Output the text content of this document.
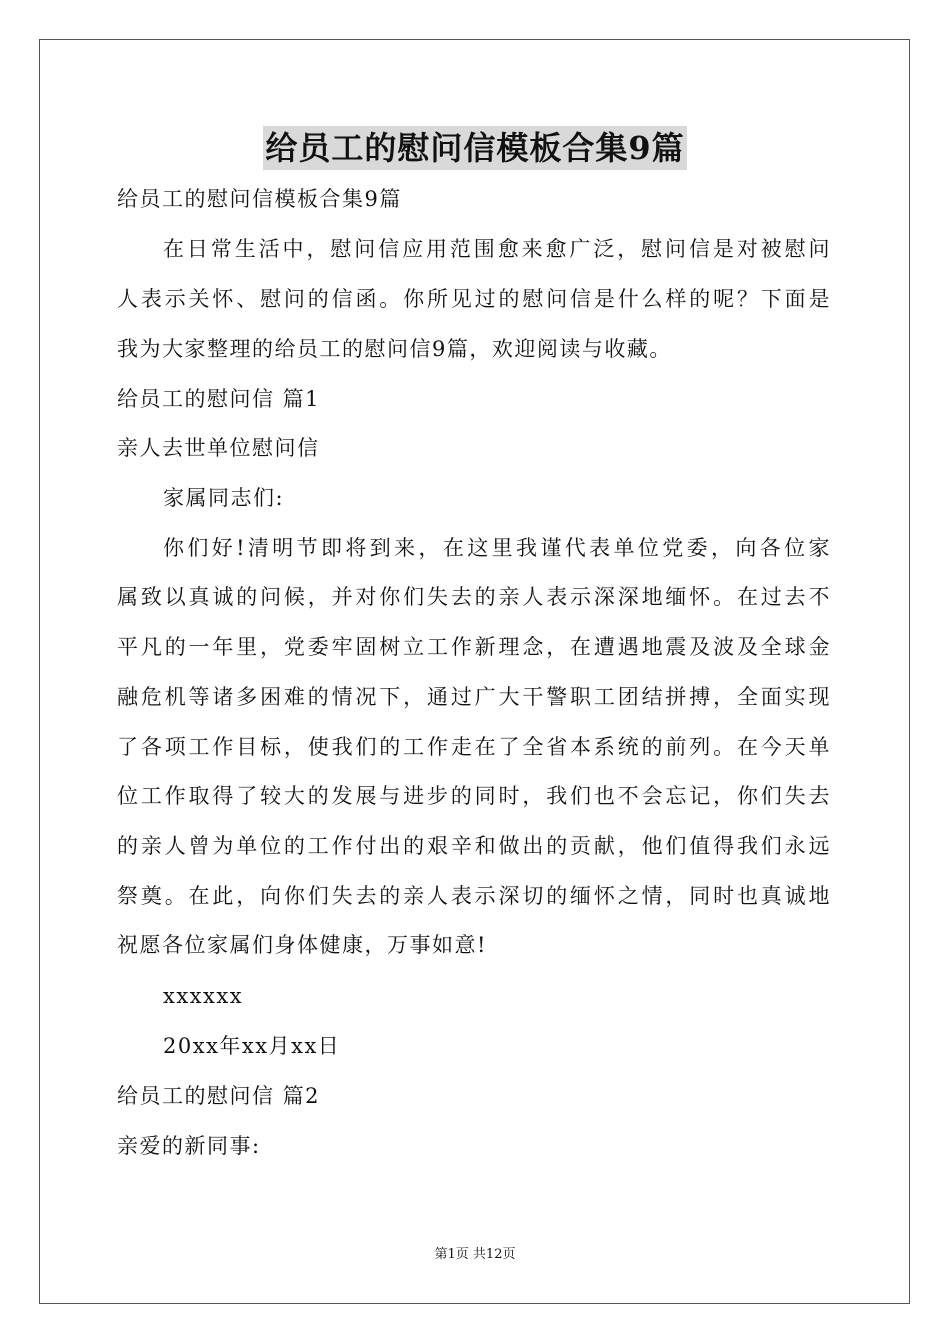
给员工的慰问信模板合集9篇
给员工的慰问信模板合集9篇
在日常生活中，慰问信应用范围愈来愈广泛，慰问信是对被慰问
人表示关怀、慰问的信函。你所见过的慰问信是什么样的呢？下面是
我为大家整理的给员工的慰问信9篇，欢迎阅读与收藏。
给员工的慰问信 篇1
亲人去世单位慰问信
家属同志们:
你们好!清明节即将到来，在这里我谨代表单位党委，向各位家
属致以真诚的问候，并对你们失去的亲人表示深深地缅怀。在过去不
平凡的一年里，党委牢固树立工作新理念，在遭遇地震及波及全球金
融危机等诸多困难的情况下，通过广大干警职工团结拼搏，全面实现
了各项工作目标，使我们的工作走在了全省本系统的前列。在今天单
位工作取得了较大的发展与进步的同时，我们也不会忘记，你们失去
的亲人曾为单位的工作付出的艰辛和做出的贡献，他们值得我们永远
祭奠。在此，向你们失去的亲人表示深切的缅怀之情，同时也真诚地
祝愿各位家属们身体健康，万事如意!
xxxxxx
20xx年xx月xx日
给员工的慰问信 篇2
亲爱的新同事:
第1页 共12页
